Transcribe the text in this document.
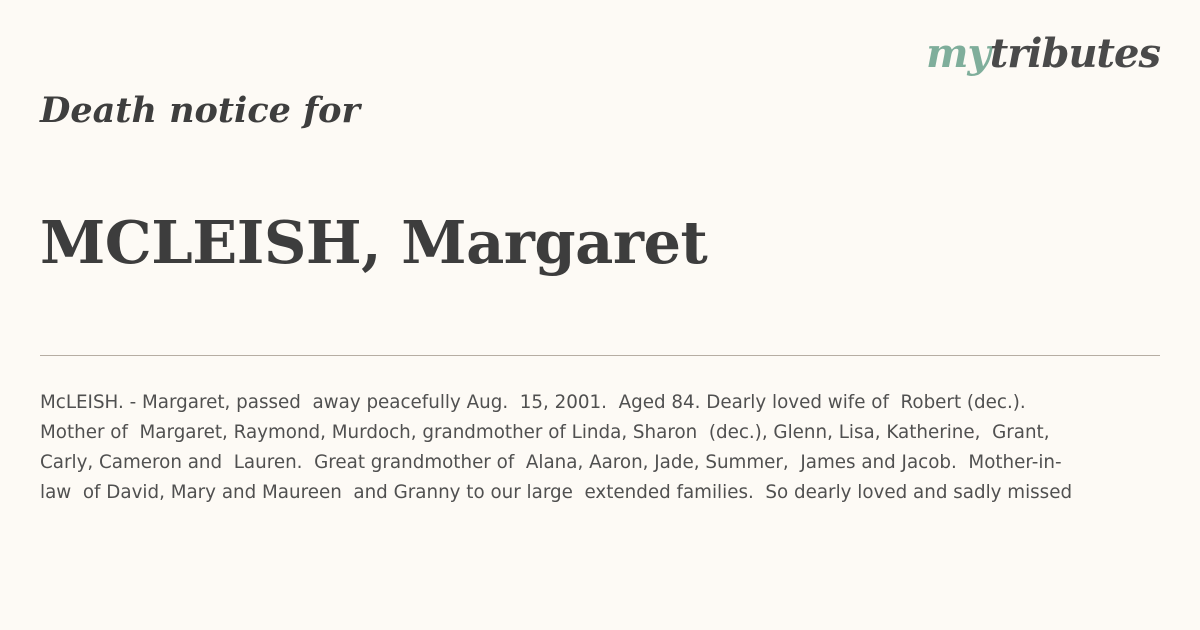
mytributes
Death notice for
MCLEISH, Margaret
McLEISH. - Margaret, passed  away peacefully Aug.  15, 2001.  Aged 84. Dearly loved wife of  Robert (dec.).
Mother of  Margaret, Raymond, Murdoch, grandmother of Linda, Sharon  (dec.), Glenn, Lisa, Katherine,  Grant,
Carly, Cameron and  Lauren.  Great grandmother of  Alana, Aaron, Jade, Summer,  James and Jacob.  Mother-in-
law  of David, Mary and Maureen  and Granny to our large  extended families.  So dearly loved and sadly missed
